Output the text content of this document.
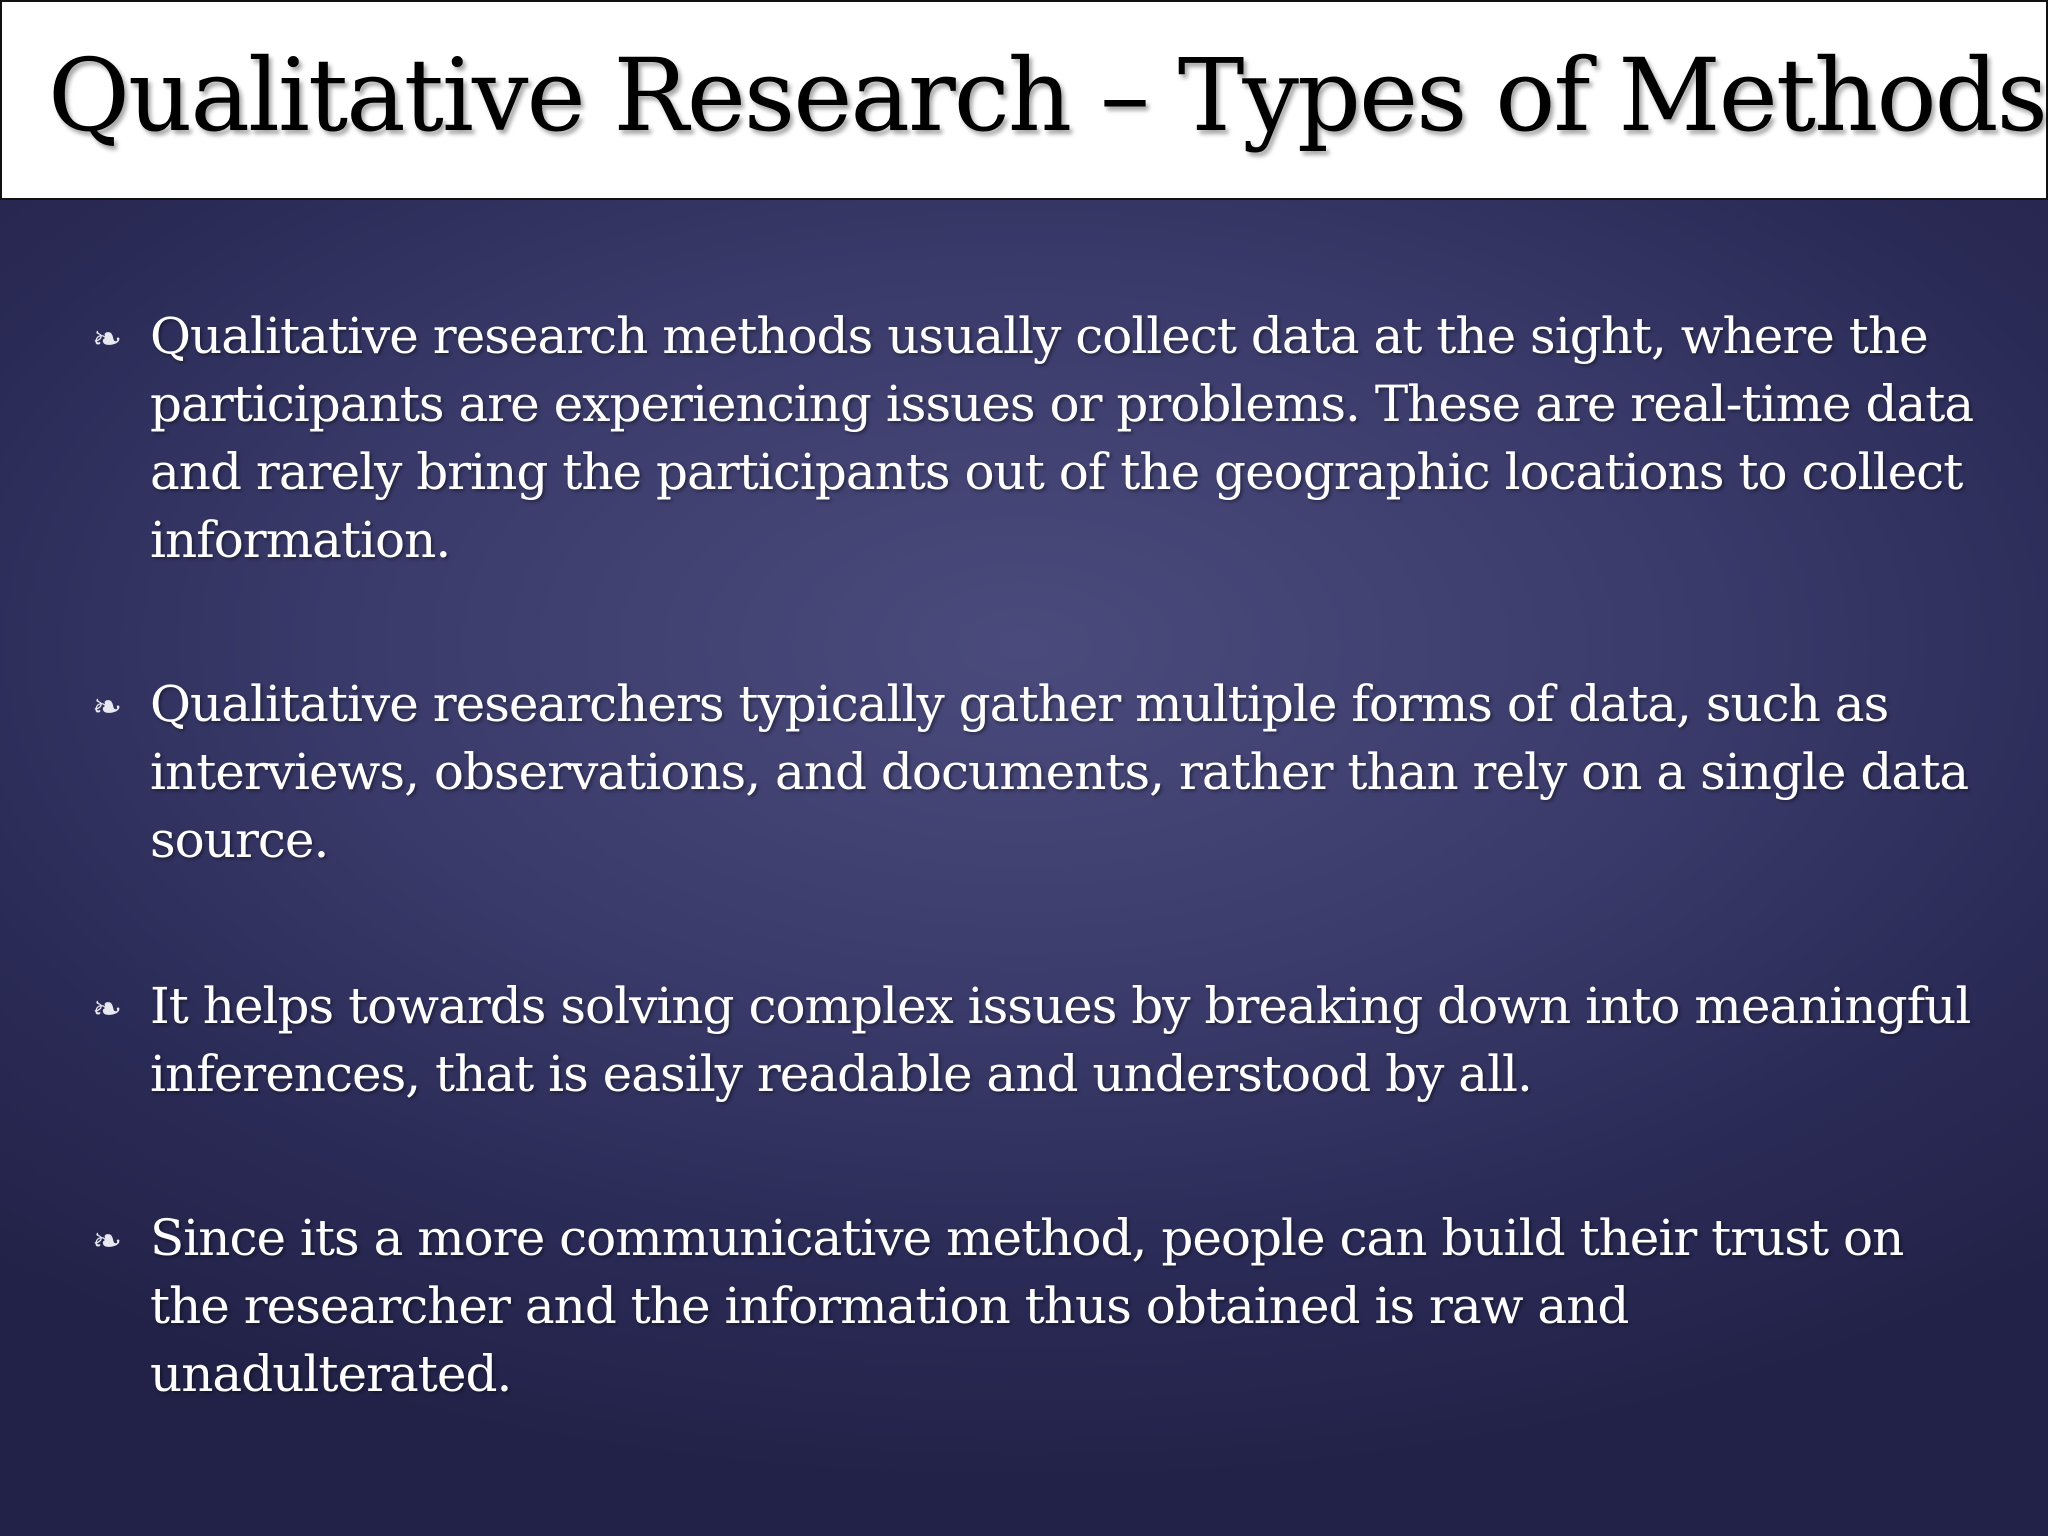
Qualitative Research – Types of Methods
❧ Qualitative research methods usually collect data at the sight, where the participants are experiencing issues or problems. These are real-time data and rarely bring the participants out of the geographic locations to collect information.

❧ Qualitative researchers typically gather multiple forms of data, such as interviews, observations, and documents, rather than rely on a single data source.

❧ It helps towards solving complex issues by breaking down into meaningful inferences, that is easily readable and understood by all.

❧ Since its a more communicative method, people can build their trust on the researcher and the information thus obtained is raw and unadulterated.
